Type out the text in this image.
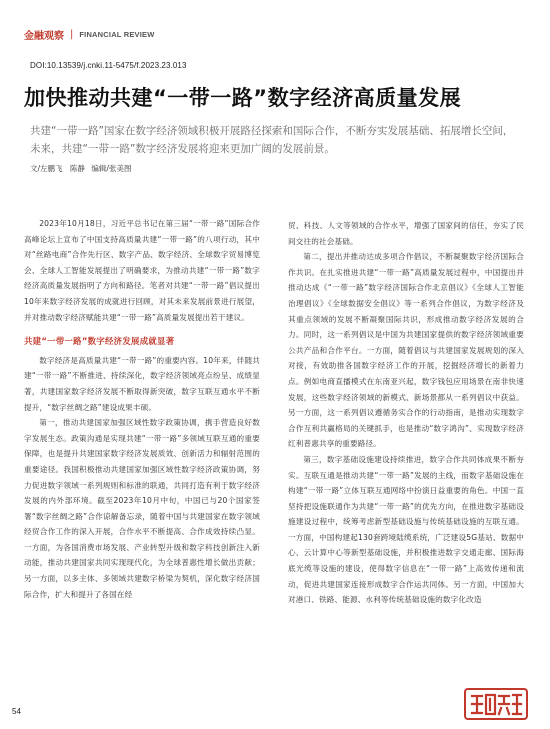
金融观察 | FINANCIAL REVIEW
DOI:10.13539/j.cnki.11-5475/f.2023.23.013
加快推动共建“一带一路”数字经济高质量发展

共建“一带一路”国家在数字经济领域积极开展路径探索和国际合作，不断夯实发展基础、拓展增长空间，未来，共建“一带一路”数字经济发展将迎来更加广阔的发展前景。

文/左鹏飞　陈静 编辑/张美图

2023年10月18日，习近平总书记在第三届“一带一路”国际合作高峰论坛上宣布了中国支持高质量共建“一带一路”的八项行动，其中对“丝路电商”合作先行区、数字产品、数字经济、全球数字贸易博览会、全球人工智能发展提出了明确要求，为推动共建“一带一路”数字经济高质量发展指明了方向和路径。笔者对共建“一带一路”倡议提出10年来数字经济发展的成就进行回顾，对其未来发展前景进行展望，并对推动数字经济赋能共建“一带一路”高质量发展提出若干建议。

共建“一带一路”数字经济发展成就显著

数字经济是高质量共建“一带一路”的重要内容。10年来，伴随共建“一带一路”不断推进、持续深化，数字经济领域亮点纷呈、成绩显著，共建国家数字经济发展不断取得新突破，数字互联互通水平不断提升，“数字丝绸之路”建设成果丰硕。

第一，推动共建国家加强区域性数字政策协调，携手营造良好数字发展生态。政策沟通是实现共建“一带一路”多领域互联互通的重要保障，也是提升共建国家数字经济发展质效、创新活力和辐射范围的重要途径。我国积极推动共建国家加强区域性数字经济政策协调，努力促进数字领域一系列规则和标准的联通，共同打造有利于数字经济发展的内外部环境。截至2023年10月中旬，中国已与20个国家签署“数字丝绸之路”合作谅解备忘录，随着中国与共建国家在数字领域经贸合作工作的深入开展，合作水平不断提高、合作成效持续凸显。一方面，为各国消费市场发展、产业转型升级和数字科技创新注入新动能，推动共建国家共同实现现代化，为全球普惠性增长做出贡献；另一方面，以多主体、多领域共建数字桥梁为契机，深化数字经济国际合作，扩大和提升了各国在经

贸、科技、人文等领域的合作水平，增强了国家间的信任，夯实了民间交往的社会基础。

第二，提出并推动达成多项合作倡议，不断凝聚数字经济国际合作共识。在扎实推进共建“一带一路”高质量发展过程中，中国提出并推动达成《“一带一路”数字经济国际合作北京倡议》《全球人工智能治理倡议》《全球数据安全倡议》等一系列合作倡议，为数字经济及其重点领域的发展不断凝聚国际共识，形成推动数字经济发展的合力。同时，这一系列倡议是中国为共建国家提供的数字经济领域重要公共产品和合作平台。一方面，随着倡议与共建国家发展规划的深入对接，有效助推各国数字经济工作的开展，挖掘经济增长的新着力点。例如电商直播模式在东南亚兴起，数字钱包应用场景在南非快速发展，这些数字经济领域的新模式、新场景都从一系列倡议中获益。另一方面，这一系列倡议遵循务实合作的行动指南，是推动实现数字合作互利共赢格局的关键抓手，也是推动“数字鸿沟”、实现数字经济红利普惠共享的重要路径。

第三，数字基础设施建设持续推进，数字合作共同体成果不断夯实。互联互通是推动共建“一带一路”发展的主线，而数字基础设施在构建“一带一路”立体互联互通网络中扮演日益重要的角色。中国一直坚持把设施联通作为共建“一带一路”的优先方向，在推进数字基础设施建设过程中，统筹考虑新型基础设施与传统基础设施的互联互通。一方面，中国构建起130套跨境陆缆系统，广泛建设5G基站、数据中心、云计算中心等新型基础设施，并积极推进数字交通走廊、国际海底光缆等设施的建设，使得数字信息在“一带一路”上高效传递和流动，促进共建国家连接形成数字合作运共同体。另一方面，中国加大对港口、铁路、能源、水利等传统基础设施的数字化改造

54
